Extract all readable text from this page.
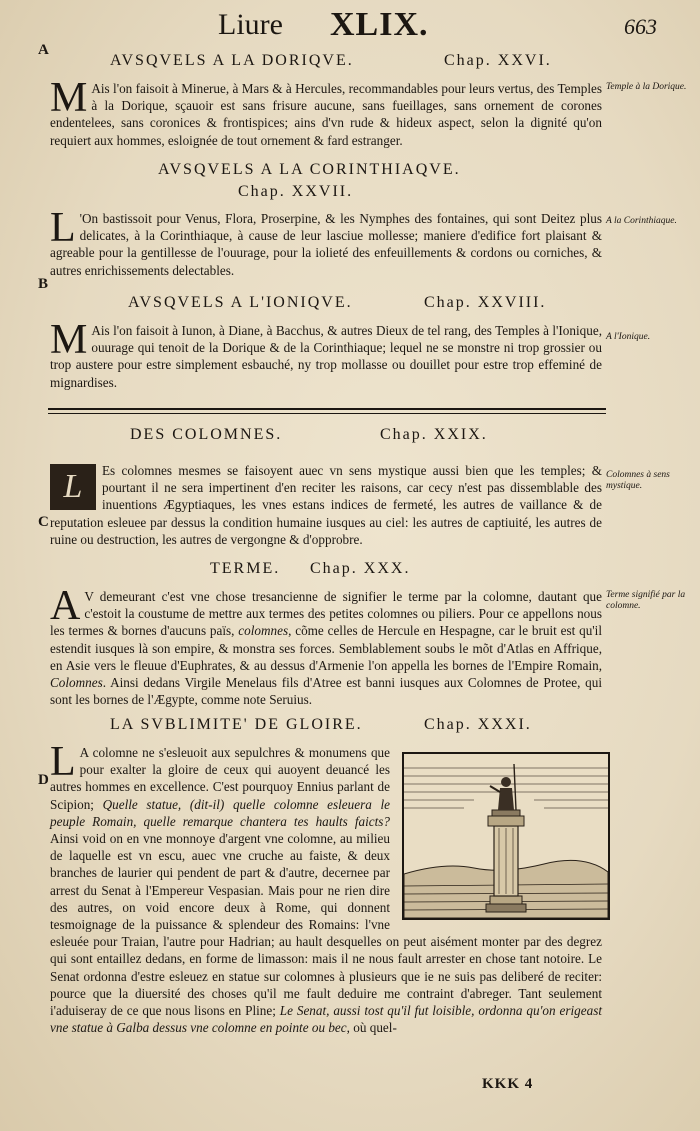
Liure XLIX.	663
A
B
C
D
AVSQVELS A LA DORIQVE.	Chap. XXVI.

M Ais l'on faisoit à Minerue, à Mars & à Hercules, recommandables pour leurs vertus, des Temples à la Dorique, sçauoir est sans frisure aucune, sans fueillages, sans ornement de corones endentelees, sans coronices & frontispices; ains d'vn rude & hideux aspect, selon la dignité qu'on requiert aux hommes, esloignée de tout ornement & fard estranger.

Temple à la Dorique.
AVSQVELS A LA CORINTHIAQVE.
Chap. XXVII.

L 'On bastissoit pour Venus, Flora, Proserpine, & les Nymphes des fontaines, qui sont Deitez plus delicates, à la Corinthiaque, à cause de leur lasciue mollesse; maniere d'edifice fort plaisant & agreable pour la gentillesse de l'ouurage, pour la iolieté des enfeuillements & cordons ou corniches, & autres enrichissements delectables.

A la Corinthiaque.
AVSQVELS A L'IONIQVE.	Chap. XXVIII.

M Ais l'on faisoit à Iunon, à Diane, à Bacchus, & autres Dieux de tel rang, des Temples à l'Ionique, ouurage qui tenoit de la Dorique & de la Corinthiaque; lequel ne se monstre ni trop grossier ou trop austere pour estre simplement esbauché, ny trop mollasse ou douillet pour estre trop effeminé de mignardises.

A l'Ionique.
DES COLOMNES.	Chap. XXIX.

L	Es colomnes mesmes se faisoyent auec vn sens mystique aussi bien que les temples; & pourtant il ne sera impertinent d'en reciter les raisons, car cecy n'est pas dissemblable des inuentions Ægyptiaques, les vnes estans indices de fermeté, les autres de vaillance & de reputation esleuee par dessus la condition humaine iusques au ciel: les autres de captiuité, les autres de ruine ou destruction, les autres de vergongne & d'opprobre.

Colomnes à sens mystique.
TERME. Chap. XXX.

A V demeurant c'est vne chose tresancienne de signifier le terme par la colomne, dautant que c'estoit la coustume de mettre aux termes des petites colomnes ou piliers. Pour ce appellons nous les termes & bornes d'aucuns païs, colomnes, cõme celles de Hercule en Hespagne, car le bruit est qu'il estendit iusques là son empire, & monstra ses forces. Semblablement soubs le mõt d'Atlas en Affrique, en Asie vers le fleuue d'Euphrates, & au dessus d'Armenie l'on appella les bornes de l'Empire Romain, Colomnes. Ainsi dedans Virgile Menelaus fils d'Atree est banni iusques aux Colomnes de Protee, qui sont les bornes de l'Ægypte, comme note Seruius.

Terme signifié par la colomne.
LA SVBLIMITE' DE GLOIRE.	Chap. XXXI.

L A colomne ne s'esleuoit aux sepulchres & monumens que pour exalter la gloire de ceux qui auoyent deuancé les autres hommes en excellence. C'est pourquoy Ennius parlant de Scipion; Quelle statue, (dit-il) quelle colomne esleuera le peuple Romain, quelle remarque chantera tes haults faicts? Ainsi void on en vne monnoye d'argent vne colomne, au milieu de laquelle est vn escu, auec vne cruche au faiste, & deux branches de laurier qui pendent de part & d'autre, decernee par arrest du Senat à l'Empereur Vespasian. Mais pour ne rien dire des autres, on void encore deux à Rome, qui donnent tesmoignage de la puissance & splendeur des Romains: l'vne esleuée pour Traian, l'autre pour Hadrian; au hault desquelles on peut aisément monter par des degrez qui sont entaillez dedans, en forme de limasson: mais il ne nous fault arrester en chose tant notoire. Le Senat ordonna d'estre esleuez en statue sur colomnes à plusieurs que ie ne suis pas deliberé de reciter: pource que la diuersité des choses qu'il me fault deduire me contraint d'abreger. Tant seulement i'aduiseray de ce que nous lisons en Pline; Le Senat, aussi tost qu'il fut loisible, ordonna qu'on erigeast vne statue à Galba dessus vne colomne en pointe ou bec, où quel-

KKK 4
